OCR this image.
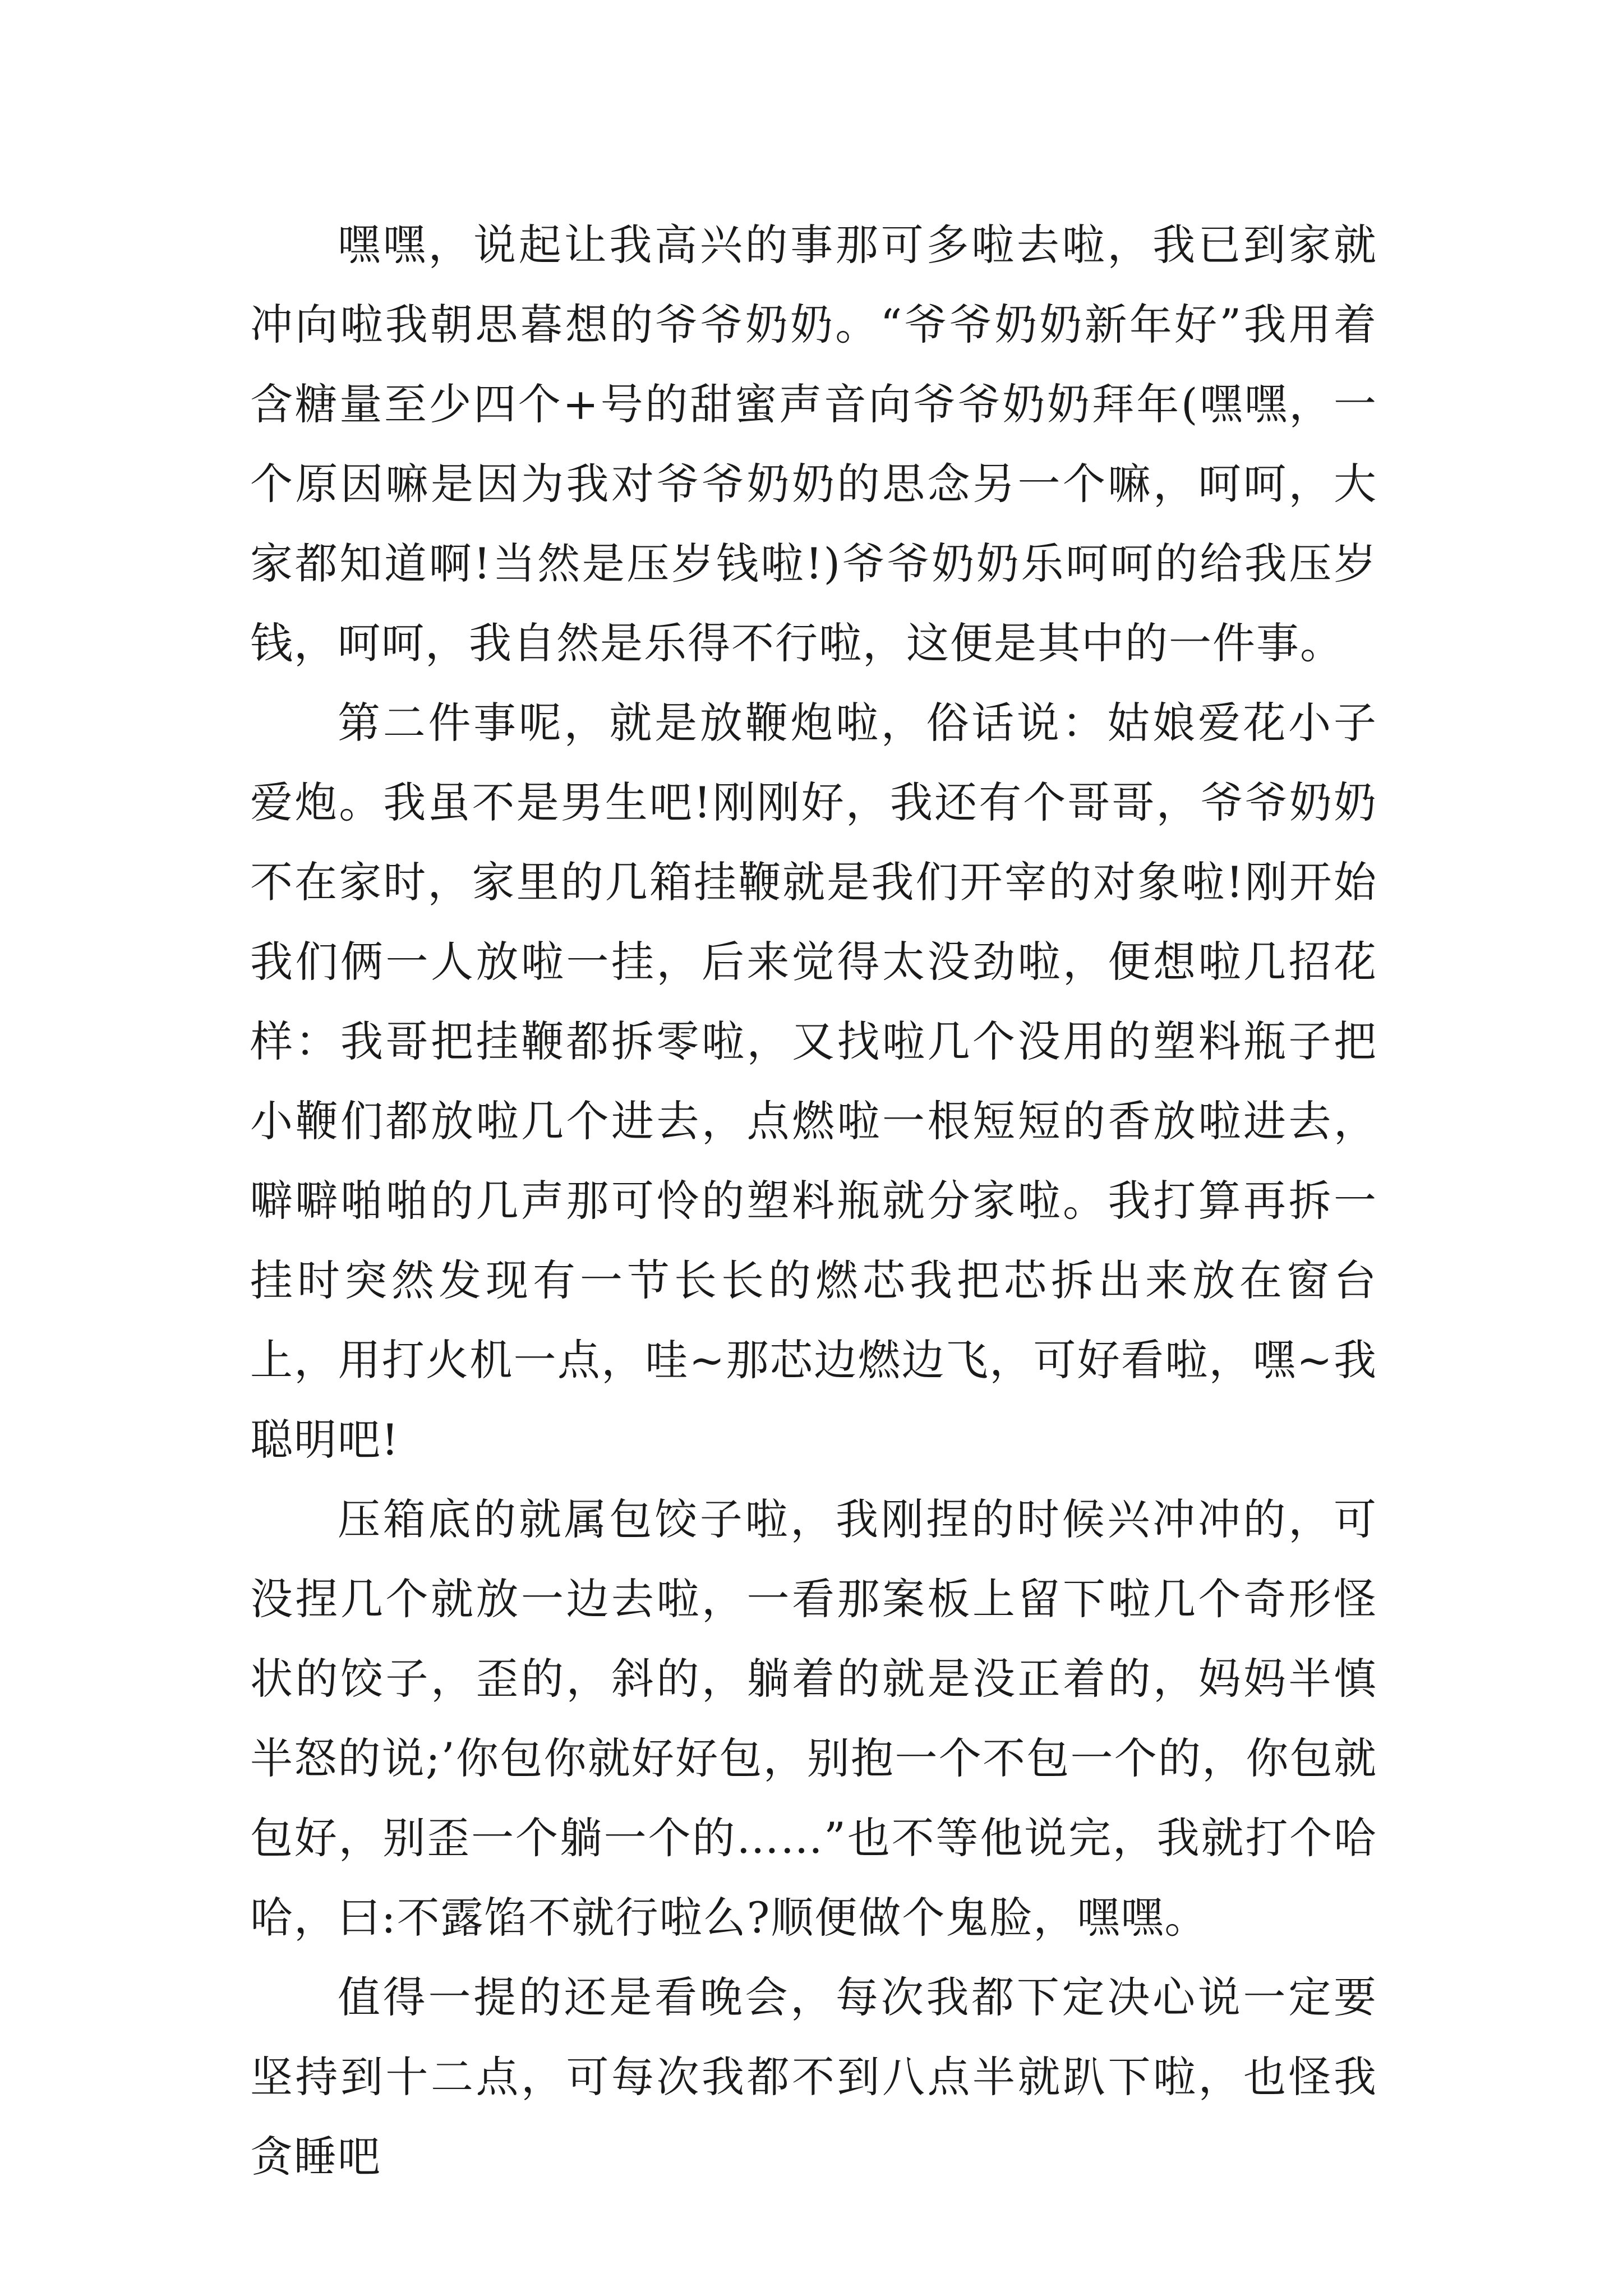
嘿嘿，说起让我高兴的事那可多啦去啦，我已到家就冲向啦我朝思暮想的爷爷奶奶。“爷爷奶奶新年好”我用着含糖量至少四个+号的甜蜜声音向爷爷奶奶拜年(嘿嘿，一个原因嘛是因为我对爷爷奶奶的思念另一个嘛，呵呵，大家都知道啊!当然是压岁钱啦!)爷爷奶奶乐呵呵的给我压岁钱，呵呵，我自然是乐得不行啦，这便是其中的一件事。

第二件事呢，就是放鞭炮啦，俗话说：姑娘爱花小子爱炮。我虽不是男生吧!刚刚好，我还有个哥哥，爷爷奶奶不在家时，家里的几箱挂鞭就是我们开宰的对象啦!刚开始我们俩一人放啦一挂，后来觉得太没劲啦，便想啦几招花样：我哥把挂鞭都拆零啦，又找啦几个没用的塑料瓶子把小鞭们都放啦几个进去，点燃啦一根短短的香放啦进去，噼噼啪啪的几声那可怜的塑料瓶就分家啦。我打算再拆一挂时突然发现有一节长长的燃芯我把芯拆出来放在窗台上，用打火机一点，哇~那芯边燃边飞，可好看啦，嘿~我聪明吧!

压箱底的就属包饺子啦，我刚捏的时候兴冲冲的，可没捏几个就放一边去啦，一看那案板上留下啦几个奇形怪状的饺子，歪的，斜的，躺着的就是没正着的，妈妈半慎半怒的说;’你包你就好好包，别抱一个不包一个的，你包就包好，别歪一个躺一个的……”也不等他说完，我就打个哈哈，曰:不露馅不就行啦么?顺便做个鬼脸，嘿嘿。

值得一提的还是看晚会，每次我都下定决心说一定要坚持到十二点，可每次我都不到八点半就趴下啦，也怪我贪睡吧
